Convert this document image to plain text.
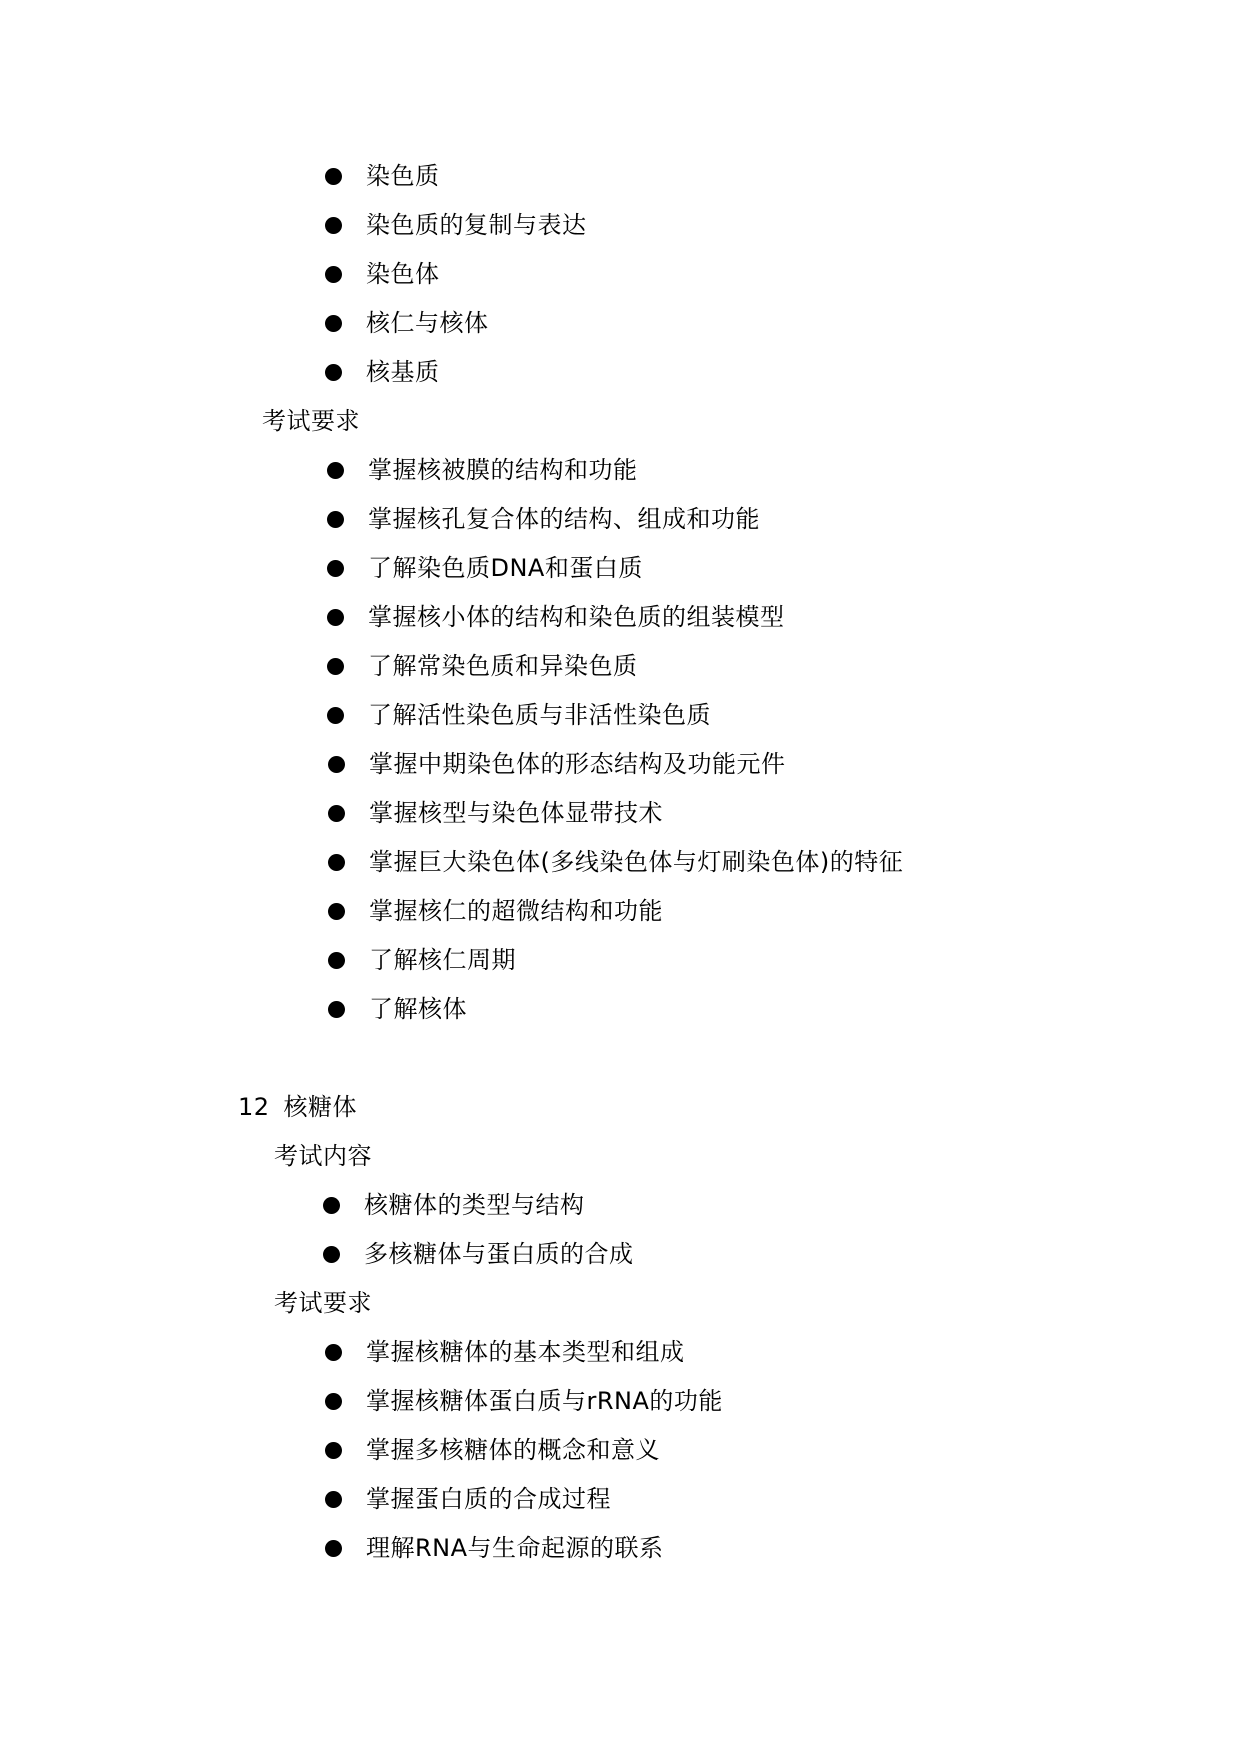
染色质
染色质的复制与表达
染色体
核仁与核体
核基质
考试要求
掌握核被膜的结构和功能
掌握核孔复合体的结构、组成和功能
了解染色质DNA和蛋白质
掌握核小体的结构和染色质的组装模型
了解常染色质和异染色质
了解活性染色质与非活性染色质
掌握中期染色体的形态结构及功能元件
掌握核型与染色体显带技术
掌握巨大染色体(多线染色体与灯刷染色体)的特征
掌握核仁的超微结构和功能
了解核仁周期
了解核体
12 核糖体
考试内容
核糖体的类型与结构
多核糖体与蛋白质的合成
考试要求
掌握核糖体的基本类型和组成
掌握核糖体蛋白质与rRNA的功能
掌握多核糖体的概念和意义
掌握蛋白质的合成过程
理解RNA与生命起源的联系
